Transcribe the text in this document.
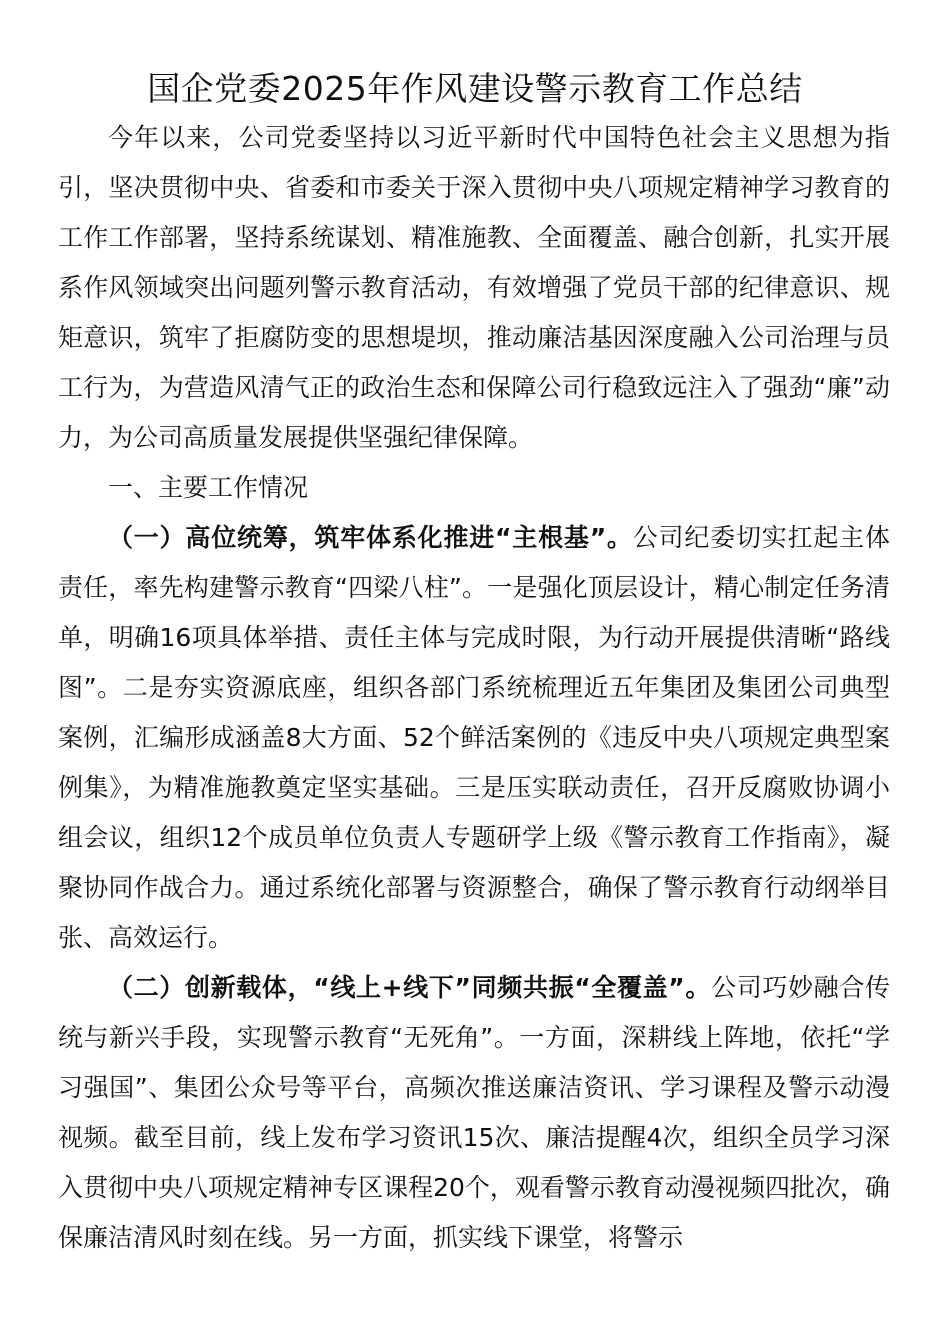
国企党委2025年作风建设警示教育工作总结

今年以来，公司党委坚持以习近平新时代中国特色社会主义思想为指引，坚决贯彻中央、省委和市委关于深入贯彻中央八项规定精神学习教育的工作工作部署，坚持系统谋划、精准施教、全面覆盖、融合创新，扎实开展系作风领域突出问题列警示教育活动，有效增强了党员干部的纪律意识、规矩意识，筑牢了拒腐防变的思想堤坝，推动廉洁基因深度融入公司治理与员工行为，为营造风清气正的政治生态和保障公司行稳致远注入了强劲“廉”动力，为公司高质量发展提供坚强纪律保障。

一、主要工作情况

（一）高位统筹，筑牢体系化推进“主根基”。公司纪委切实扛起主体责任，率先构建警示教育“四梁八柱”。一是强化顶层设计，精心制定任务清单，明确16项具体举措、责任主体与完成时限，为行动开展提供清晰“路线图”。二是夯实资源底座，组织各部门系统梳理近五年集团及集团公司典型案例，汇编形成涵盖8大方面、52个鲜活案例的《违反中央八项规定典型案例集》，为精准施教奠定坚实基础。三是压实联动责任，召开反腐败协调小组会议，组织12个成员单位负责人专题研学上级《警示教育工作指南》，凝聚协同作战合力。通过系统化部署与资源整合，确保了警示教育行动纲举目张、高效运行。

（二）创新载体，“线上+线下”同频共振“全覆盖”。公司巧妙融合传统与新兴手段，实现警示教育“无死角”。一方面，深耕线上阵地，依托“学习强国”、集团公众号等平台，高频次推送廉洁资讯、学习课程及警示动漫视频。截至目前，线上发布学习资讯15次、廉洁提醒4次，组织全员学习深入贯彻中央八项规定精神专区课程20个，观看警示教育动漫视频四批次，确保廉洁清风时刻在线。另一方面，抓实线下课堂，将警示
